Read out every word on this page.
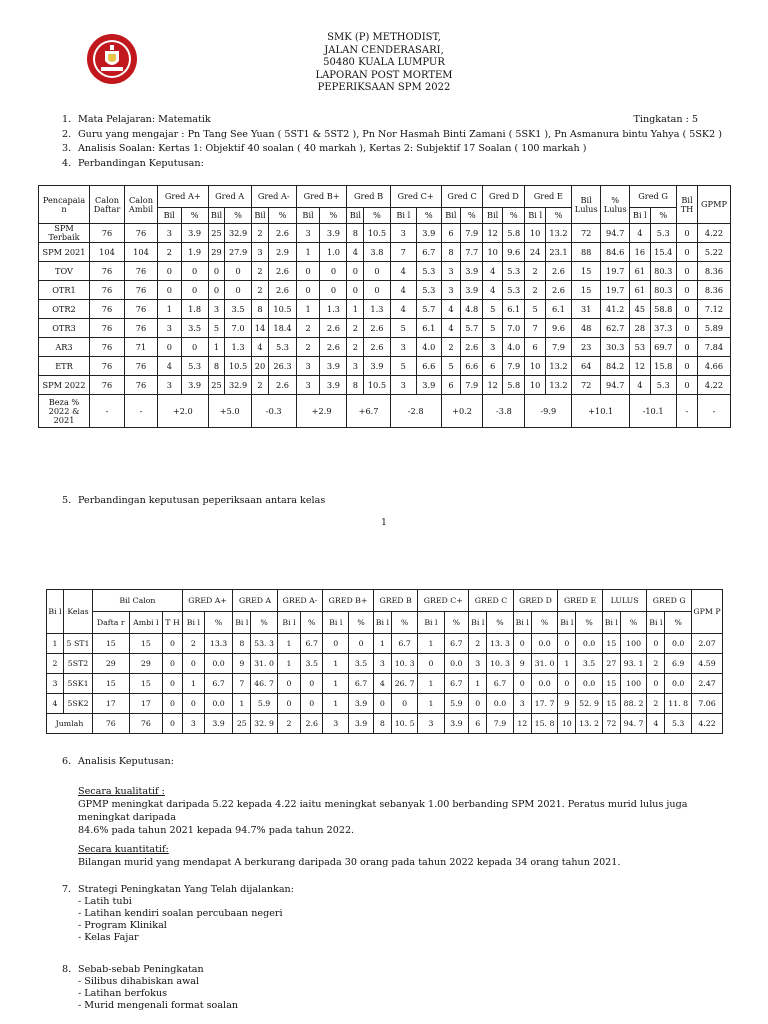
SMK (P) METHODIST,
JALAN CENDERASARI,
50480 KUALA LUMPUR
LAPORAN POST MORTEM
PEPERIKSAAN SPM 2022
1. Mata Pelajaran: Matematik	Tingkatan : 5
2. Guru yang mengajar : Pn Tang See Yuan ( 5ST1 & 5ST2 ), Pn Nor Hasmah Binti Zamani ( 5SK1 ), Pn Asmanura bintu Yahya ( 5SK2 )
3. Analisis Soalan: Kertas 1: Objektif 40 soalan ( 40 markah ), Kertas 2: Subjektif 17 Soalan ( 100 markah )
4. Perbandingan Keputusan:
Pencapaia n	Calon Daftar	Calon Ambil	Gred A+		Gred A		Gred A-		Gred B+		Gred B		Gred C+		Gred C		Gred D		Gred E		Bil Lulus	% Lulus	Gred G		Bil TH	GPMP
			Bil	%	Bil	%	Bil	%	Bil	%	Bil	%	Bi l	%	Bil	%	Bil	%	Bi l	%			Bi l	%		
SPM Terbaik	76	76	3	3.9	25	32.9	2	2.6	3	3.9	8	10.5	3	3.9	6	7.9	12	5.8	10	13.2	72	94.7	4	5.3	0	4.22
SPM 2021	104	104	2	1.9	29	27.9	3	2.9	1	1.0	4	3.8	7	6.7	8	7.7	10	9.6	24	23.1	88	84.6	16	15.4	0	5.22
TOV	76	76	0	0	0	0	2	2.6	0	0	0	0	4	5.3	3	3.9	4	5.3	2	2.6	15	19.7	61	80.3	0	8.36
OTR1	76	76	0	0	0	0	2	2.6	0	0	0	0	4	5.3	3	3.9	4	5.3	2	2.6	15	19.7	61	80.3	0	8.36
OTR2	76	76	1	1.8	3	3.5	8	10.5	1	1.3	1	1.3	4	5.7	4	4.8	5	6.1	5	6.1	31	41.2	45	58.8	0	7.12
OTR3	76	76	3	3.5	5	7.0	14	18.4	2	2.6	2	2.6	5	6.1	4	5.7	5	7.0	7	9.6	48	62.7	28	37.3	0	5.89
AR3	76	71	0	0	1	1.3	4	5.3	2	2.6	2	2.6	3	4.0	2	2.6	3	4.0	6	7.9	23	30.3	53	69.7	0	7.84
ETR	76	76	4	5.3	8	10.5	20	26.3	3	3.9	3	3.9	5	6.6	5	6.6	6	7.9	10	13.2	64	84.2	12	15.8	0	4.66
SPM 2022	76	76	3	3.9	25	32.9	2	2.6	3	3.9	8	10.5	3	3.9	6	7.9	12	5.8	10	13.2	72	94.7	4	5.3	0	4.22
Beza % 2022 & 2021	-	-	+2.0		+5.0		-0.3		+2.9		+6.7		-2.8		+0.2		-3.8		-9.9		+10.1		-10.1		-	-
5. Perbandingan keputusan peperiksaan antara kelas
1
Bi l	Kelas	Bil Calon			GRED A+		GRED A		GRED A-		GRED B+		GRED B		GRED C+		GRED C		GRED D		GRED E		LULUS		GRED G		GPM P
		Dafta r	Ambi l	T H	Bi l	%	Bi l	%	Bi l	%	Bi l	%	Bi l	%	Bi l	%	Bi l	%	Bi l	%	Bi l	%	Bi l	%	Bi l	%	
1	5 ST1	15	15	0	2	13.3	8	53. 3	1	6.7	0	0	1	6.7	1	6.7	2	13. 3	0	0.0	0	0.0	15	100	0	0.0	2.07
2	5ST2	29	29	0	0	0.0	9	31. 0	1	3.5	1	3.5	3	10. 3	0	0.0	3	10. 3	9	31. 0	1	3.5	27	93. 1	2	6.9	4.59
3	5SK1	15	15	0	1	6.7	7	46. 7	0	0	1	6.7	4	26. 7	1	6.7	1	6.7	0	0.0	0	0.0	15	100	0	0.0	2.47
4	5SK2	17	17	0	0	0.0	1	5.9	0	0	1	3.9	0	0	1	5.9	0	0.0	3	17. 7	9	52. 9	15	88. 2	2	11. 8	7.06
Jumlah		76	76	0	3	3.9	25	32. 9	2	2.6	3	3.9	8	10. 5	3	3.9	6	7.9	12	15. 8	10	13. 2	72	94. 7	4	5.3	4.22
6. Analisis Keputusan:
Secara kualitatif :
GPMP meningkat daripada 5.22 kepada 4.22 iaitu meningkat sebanyak 1.00 berbanding SPM 2021. Peratus murid lulus juga meningkat daripada
84.6% pada tahun 2021 kepada 94.7% pada tahun 2022.
Secara kuantitatif:
Bilangan murid yang mendapat A berkurang daripada 30 orang pada tahun 2022 kepada 34 orang tahun 2021.
7. Strategi Peningkatan Yang Telah dijalankan:
- Latih tubi
- Latihan kendiri soalan percubaan negeri
- Program Klinikal
- Kelas Fajar
8. Sebab-sebab Peningkatan
- Silibus dihabiskan awal
- Latihan berfokus
- Murid mengenali format soalan
